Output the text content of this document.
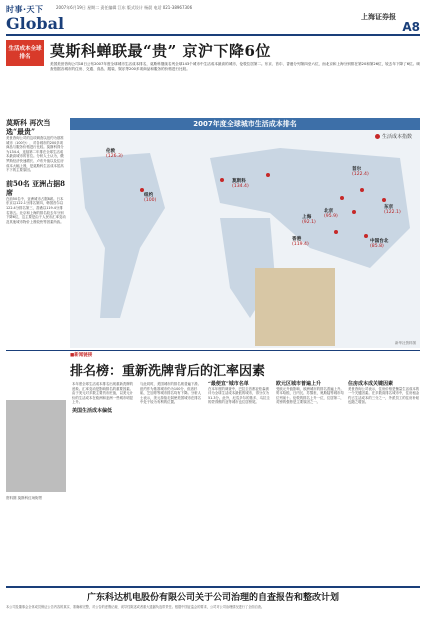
时事·天下
Global
2007年6月19日 星期二 责任编辑 江东 版式设计 杨晨 电话 021-38967306
上海证券报
A8
生活成本全球排名	莫斯科蝉联最“贵” 京沪下降6位
美国美世咨询公司18日公布2007年度全球城市生活成本排名，莫斯科继续名列全球143个城市中生活成本最高的城市，伦敦位居第二。东京、首尔、香港分列第四至六位，而北京和上海分别排在第20和第26位，较去年下降了6位。调查依据各城市的住房、交通、食品、服装、娱乐等200多项商品和服务的价格进行比较。
莫斯科 再次当选“最贵”
美世咨询公司的这项调查以纽约为基准城市（100分），对各城市的200多项商品与服务价格进行比较。莫斯科得分为134.4，连续第二年排在全球生活成本最高城市的首位。分析人士认为，俄罗斯经济快速增长、卢布升值以及住房成本大幅上涨，是莫斯科生活成本居高不下的主要原因。
前50名 亚洲占据8席
在前50名中，亚洲城市占据8席。日本东京以122.1分排名第四，韩国首尔以122.4分排名第三，香港以119.4分排名第五。北京和上海的排名较去年分别下降6位，这主要是由于人民币汇率变动及其他城市物价上涨较快等因素所致。
2007年度全球城市生活成本排名
生活成本指数
莫斯科
(134.4)
伦敦
(126.3)
首尔
(122.4)
东京
(122.1)
香港
(119.4)
北京
(95.9)
上海
(92.1)
纽约
(100)
中国台北
(85.8)
新华社资料图
■新闻链接
排名榜：重新洗牌背后的汇率因素
资料图 莫斯科红场街景
本年度全球生活成本排名出现重新洗牌的迹象。汇率变动是影响排名的重要因素。由于美元对多数主要货币贬值，以美元计价的生活成本在欧洲和亚洲一些城市明显上升。
美国生活成本偏低
与此同时，美国城市的排名则普遍下滑。纽约作为基准城市仍为100分，但洛杉矶、芝加哥等城市排名均有下降。分析人士表示，美元持续走弱使美国城市在排名中处于较为有利的位置。
“最便宜”城市名单
在本年度的调查中，巴拉圭首都亚松森被评为全球生活成本最低的城市，得分仅为51.3分。此外，厄瓜多尔的基多、乌拉圭的蒙得维的亚等城市也位居榜尾。
欧元区城市普遍上升
受欧元升值影响，欧洲城市的排名普遍上升。哥本哈根、日内瓦、苏黎世、奥斯陆等城市均位列前十。伦敦的排名上升一位，位居第二，英镑的强势是主要原因之一。
住房成本成关键因素
美世咨询公司表示，住房价格是衡量生活成本的一个关键因素。在多数高排名城市中，住房租金约占生活成本的三分之一，外派员工的住房补贴也随之增加。
广东科达机电股份有限公司关于公司治理的自查报告和整改计划
本公司及董事会全体成员保证公告内容的真实、准确和完整，对公告的虚假记载、误导性陈述或者重大遗漏负连带责任。根据中国证监会的要求，公司对公司治理情况进行了全面自查。
